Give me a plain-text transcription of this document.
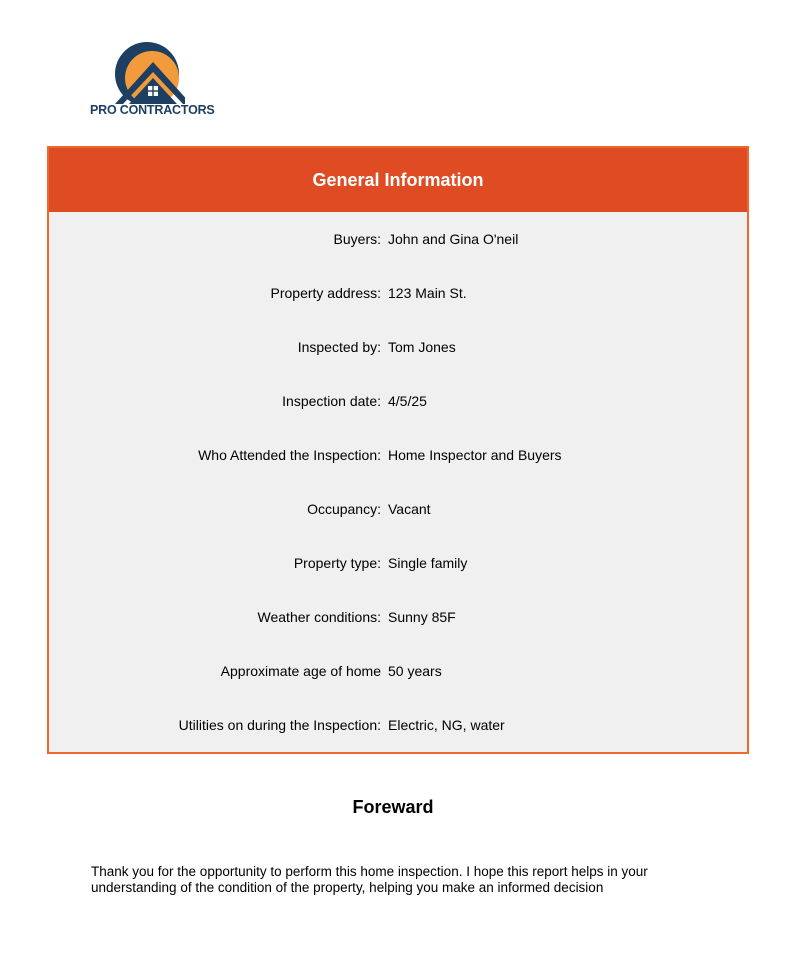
PRO CONTRACTORS
General Information
Buyers: John and Gina O'neil
Property address: 123 Main St.
Inspected by: Tom Jones
Inspection date: 4/5/25
Who Attended the Inspection: Home Inspector and Buyers
Occupancy: Vacant
Property type: Single family
Weather conditions: Sunny 85F
Approximate age of home 50 years
Utilities on during the Inspection: Electric, NG, water
Foreward
Thank you for the opportunity to perform this home inspection. I hope this report helps in your understanding of the condition of the property, helping you make an informed decision
